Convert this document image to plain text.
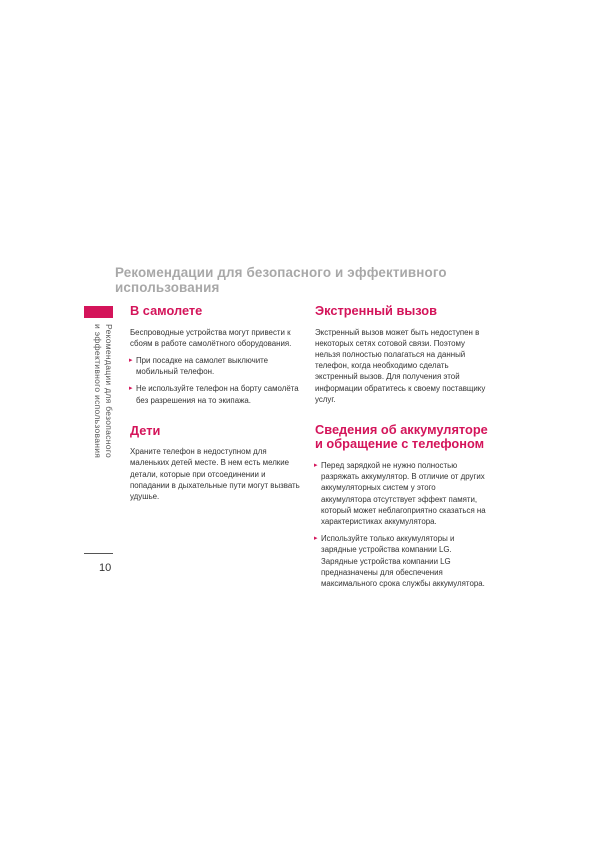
Рекомендации для безопасного и эффективного
использования
Рекомендации для безопасного
и эффективного использования
10
В самолете

Беспроводные устройства могут привести к
сбоям в работе самолётного оборудования.

▸ При посадке на самолет выключите
мобильный телефон.
▸ Не используйте телефон на борту самолёта
без разрешения на то экипажа.
Дети

Храните телефон в недоступном для
маленьких детей месте. В нем есть мелкие
детали, которые при отсоединении и
попадании в дыхательные пути могут вызвать
удушье.

Экстренный вызов

Экстренный вызов может быть недоступен в
некоторых сетях сотовой связи. Поэтому
нельзя полностью полагаться на данный
телефон, когда необходимо сделать
экстренный вызов. Для получения этой
информации обратитесь к своему поставщику
услуг.

Сведения об аккумуляторе
и обращение с телефоном
▸ Перед зарядкой не нужно полностью
разряжать аккумулятор. В отличие от других
аккумуляторных систем у этого
аккумулятора отсутствует эффект памяти,
который может неблагоприятно сказаться на
характеристиках аккумулятора.
▸ Используйте только аккумуляторы и
зарядные устройства компании LG.
Зарядные устройства компании LG
предназначены для обеспечения
максимального срока службы аккумулятора.
